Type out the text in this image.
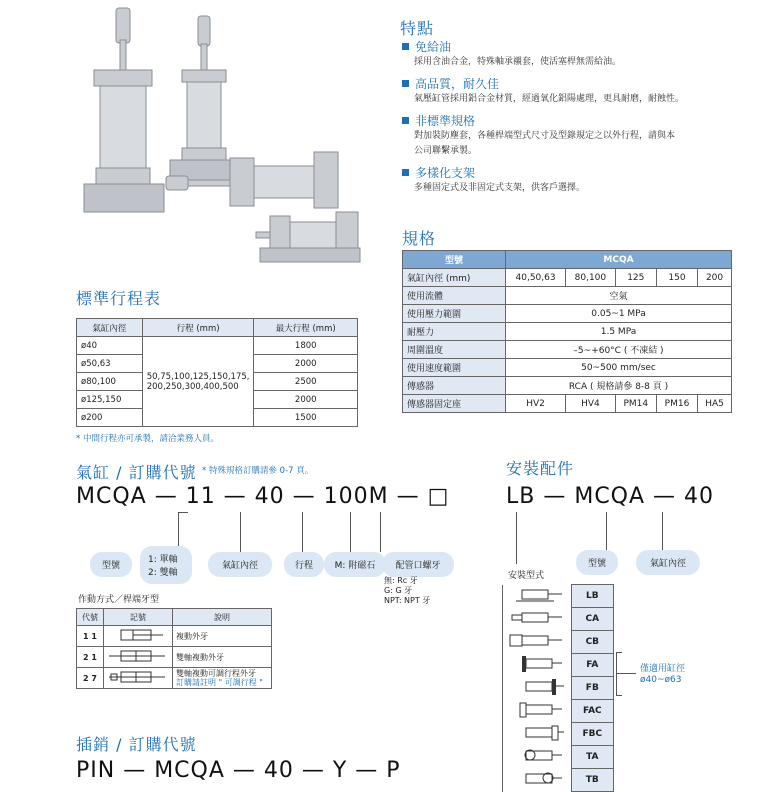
特點
免給油
採用含油合金，特殊軸承襯套，使活塞桿無需給油。
高品質，耐久佳
氣壓缸管採用鋁合金材質，經過氧化鋁陽處理，更具耐磨，耐蝕性。
非標準規格
對加裝防塵套，各種桿端型式尺寸及型錄規定之以外行程，請與本
公司聯繫承製。
多樣化支架
多種固定式及非固定式支架，供客戶選擇。
規格
型號	MCQA				
氣缸內徑 (mm)	40,50,63	80,100	125	150	200
使用流體	空氣				
使用壓力範圍	0.05~1 MPa				
耐壓力	1.5 MPa				
周圍溫度	–5~+60°C ( 不凍結 )				
使用速度範圍	50~500 mm/sec				
傳感器	RCA ( 規格請參 8-8 頁 )				
傳感器固定座	HV2	HV4	PM14	PM16	HA5
標準行程表
氣缸內徑	行程 (mm)	最大行程 (mm)
ø40	50,75,100,125,150,175,
200,250,300,400,500	1800
ø50,63		2000
ø80,100		2500
ø125,150		2000
ø200		1500
* 中間行程亦可承製，請洽業務人員。
氣缸 / 訂購代號 * 特殊規格訂購請參 0-7 頁。
MCQA — 11 — 40 — 100M — □
型號
1: 單軸
2: 雙軸
氣缸內徑	行程	M: 附磁石	配管口螺牙
無: Rc 牙
G: G 牙
NPT: NPT 牙
作動方式／桿端牙型
代號	記號	說明
1 1		複動外牙
2 1		雙軸複動外牙
2 7		雙軸複動可調行程外牙
訂購請註明 " 可調行程 "
安裝配件
LB — MCQA — 40
型號	氣缸內徑
安裝型式
	LB
	CA
	CB
	FA
	FB
	FAC
	FBC
	TA
	TB
僅適用缸徑
ø40~ø63
插銷 / 訂購代號
PIN — MCQA — 40 — Y — P
